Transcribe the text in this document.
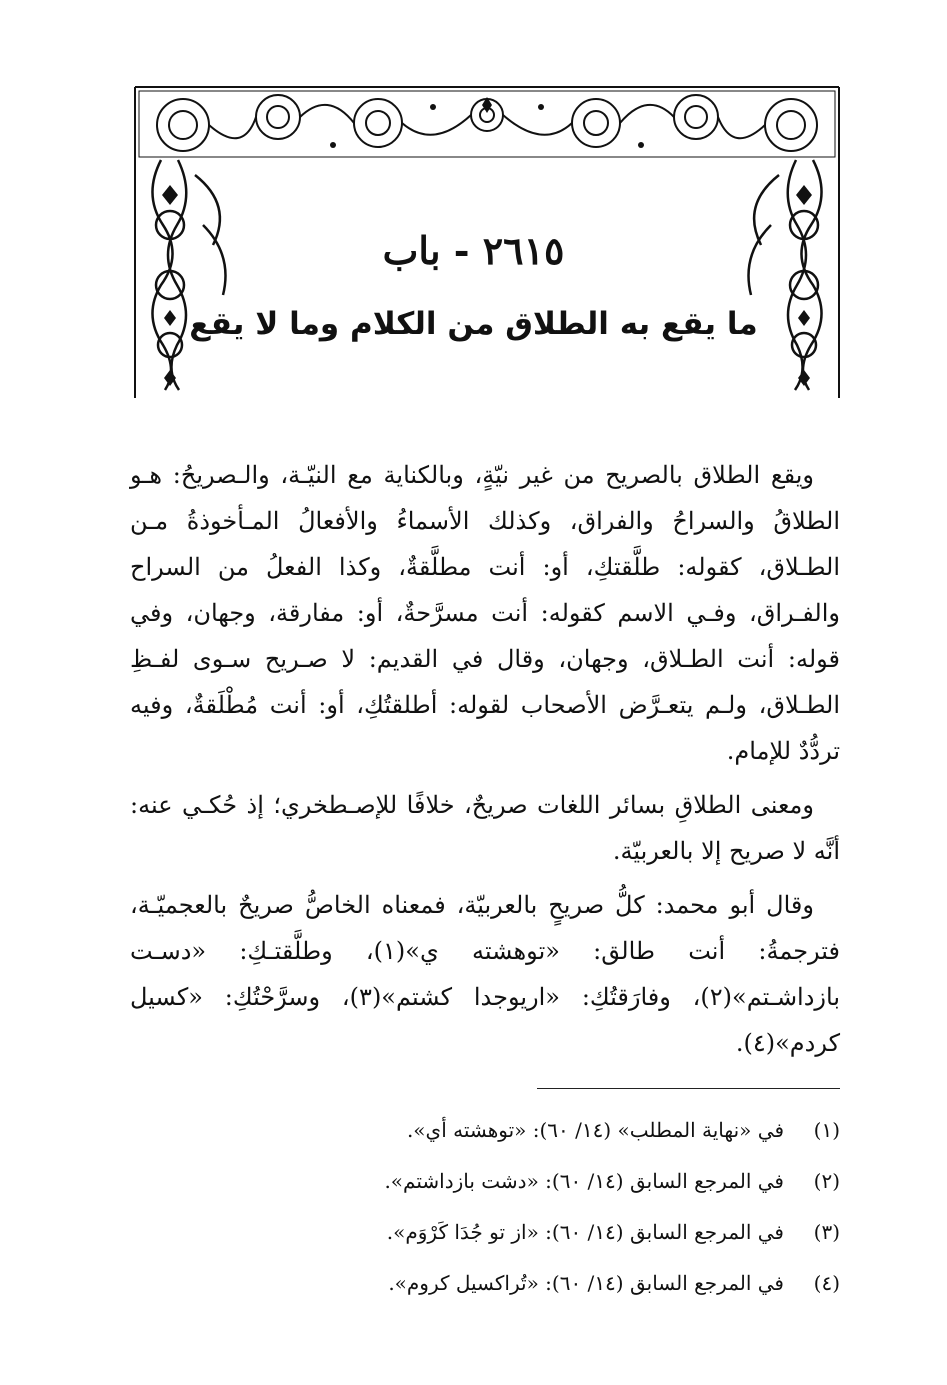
٢٦١٥ - باب
ما يقع به الطلاق من الكلام وما لا يقع

ويقع الطلاق بالصريح من غير نيّةٍ، وبالكناية مع النيّـة، والـصريحُ: هـو الطلاقُ والسراحُ والفراق، وكذلك الأسماءُ والأفعالُ المـأخوذةُ مـن الطـلاق، كقوله: طلَّقتكِ، أو: أنت مطلَّقةٌ، وكذا الفعلُ من السراح والفـراق، وفـي الاسم كقوله: أنت مسرَّحةٌ، أو: مفارقة، وجهان، وفي قوله: أنت الطـلاق، وجهان، وقال في القديم: لا صـريح سـوى لفـظِ الطـلاق، ولـم يتعـرَّض الأصحاب لقوله: أطلقتُكِ، أو: أنت مُطْلَقةٌ، وفيه تردُّدٌ للإمام.

ومعنى الطلاقِ بسائر اللغات صريحٌ، خلافًا للإصـطخري؛ إذ حُكـي عنه: أنَّه لا صريح إلا بالعربيّة.

وقال أبو محمد: كلُّ صريحٍ بالعربيّة، فمعناه الخاصُّ صريحٌ بالعجميّـة، فترجمةُ: أنت طالق: «توهشته ي»(١)، وطلَّقتـكِ: «دسـت بازداشـتم»(٢)، وفارَقتُكِ: «اريوجدا كشتم»(٣)، وسرَّحْتُكِ: «كسيل كردم»(٤).

(١)
في «نهاية المطلب» (١٤/ ٦٠): «توهشته أي».
(٢)
في المرجع السابق (١٤/ ٦٠): «دشت بازداشتم».
(٣)
في المرجع السابق (١٤/ ٦٠): «از تو جُدَا كَرْوَم».
(٤)
في المرجع السابق (١٤/ ٦٠): «تُراكسيل كروم».
